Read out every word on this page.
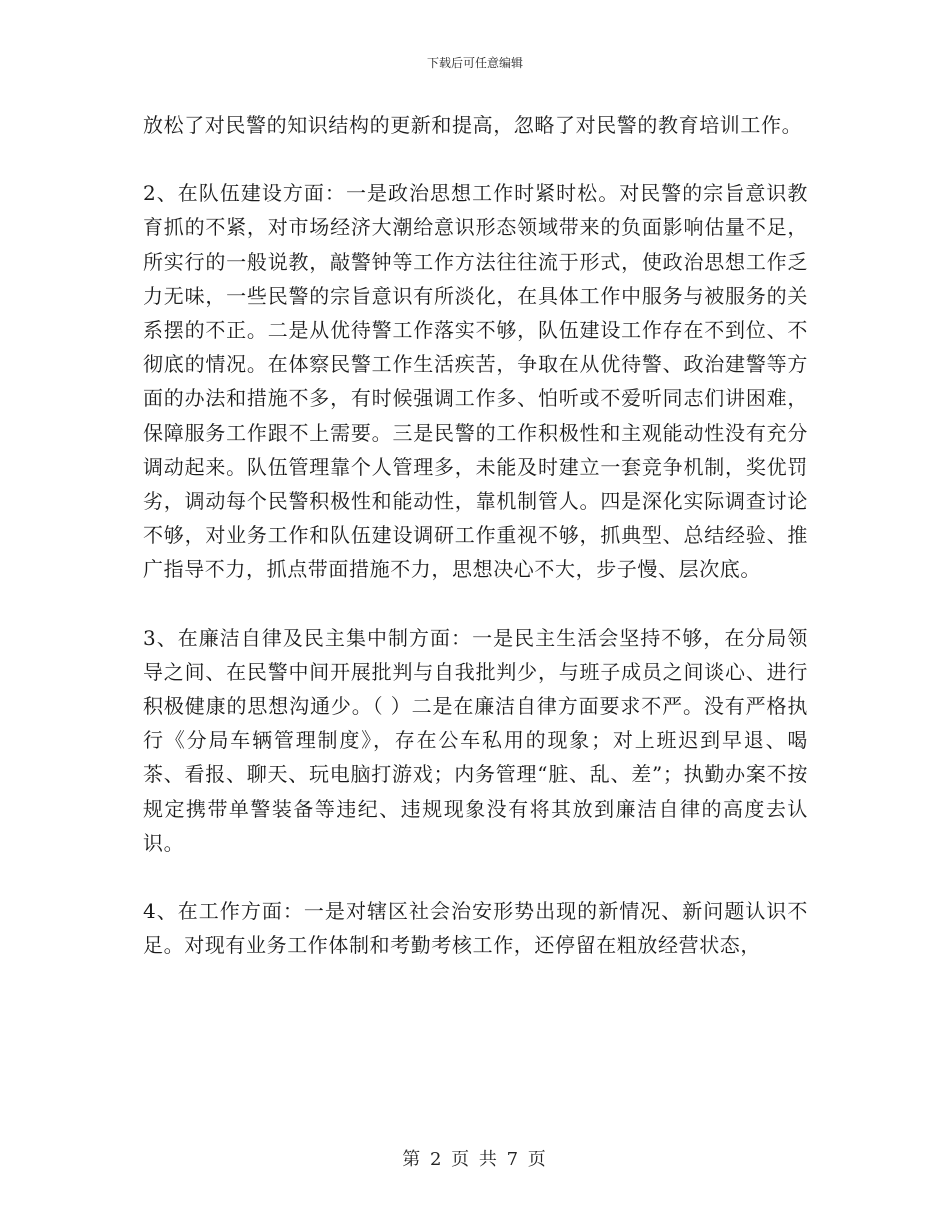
下载后可任意编辑

放松了对民警的知识结构的更新和提高，忽略了对民警的教育培训工作。

2、在队伍建设方面：一是政治思想工作时紧时松。对民警的宗旨意识教育抓的不紧，对市场经济大潮给意识形态领域带来的负面影响估量不足，所实行的一般说教，敲警钟等工作方法往往流于形式，使政治思想工作乏力无味，一些民警的宗旨意识有所淡化，在具体工作中服务与被服务的关系摆的不正。二是从优待警工作落实不够，队伍建设工作存在不到位、不彻底的情况。在体察民警工作生活疾苦，争取在从优待警、政治建警等方面的办法和措施不多，有时候强调工作多、怕听或不爱听同志们讲困难，保障服务工作跟不上需要。三是民警的工作积极性和主观能动性没有充分调动起来。队伍管理靠个人管理多，未能及时建立一套竞争机制，奖优罚劣，调动每个民警积极性和能动性，靠机制管人。四是深化实际调查讨论不够，对业务工作和队伍建设调研工作重视不够，抓典型、总结经验、推广指导不力，抓点带面措施不力，思想决心不大，步子慢、层次底。

3、在廉洁自律及民主集中制方面：一是民主生活会坚持不够，在分局领导之间、在民警中间开展批判与自我批判少，与班子成员之间谈心、进行积极健康的思想沟通少。（ ）二是在廉洁自律方面要求不严。没有严格执行《分局车辆管理制度》，存在公车私用的现象；对上班迟到早退、喝茶、看报、聊天、玩电脑打游戏；内务管理“脏、乱、差”；执勤办案不按规定携带单警装备等违纪、违规现象没有将其放到廉洁自律的高度去认识。

4、在工作方面：一是对辖区社会治安形势出现的新情况、新问题认识不足。对现有业务工作体制和考勤考核工作，还停留在粗放经营状态，

第 2 页 共 7 页
